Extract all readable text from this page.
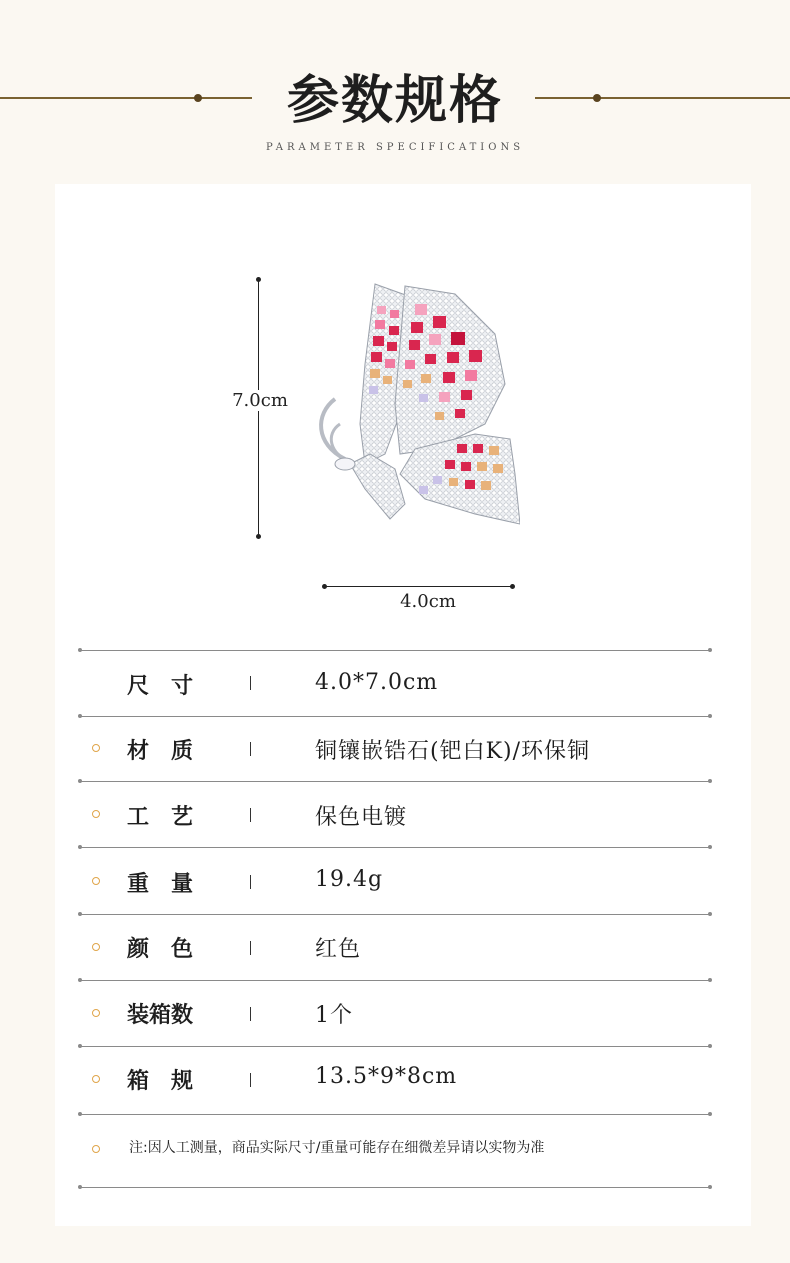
参数规格
PARAMETER SPECIFICATIONS
7.0cm
4.0cm
尺　寸	4.0*7.0cm
材　质	铜镶嵌锆石(钯白K)/环保铜
工　艺	保色电镀
重　量	19.4g
颜　色	红色
装箱数	1个
箱　规	13.5*9*8cm
注:因人工测量，商品实际尺寸/重量可能存在细微差异请以实物为准
